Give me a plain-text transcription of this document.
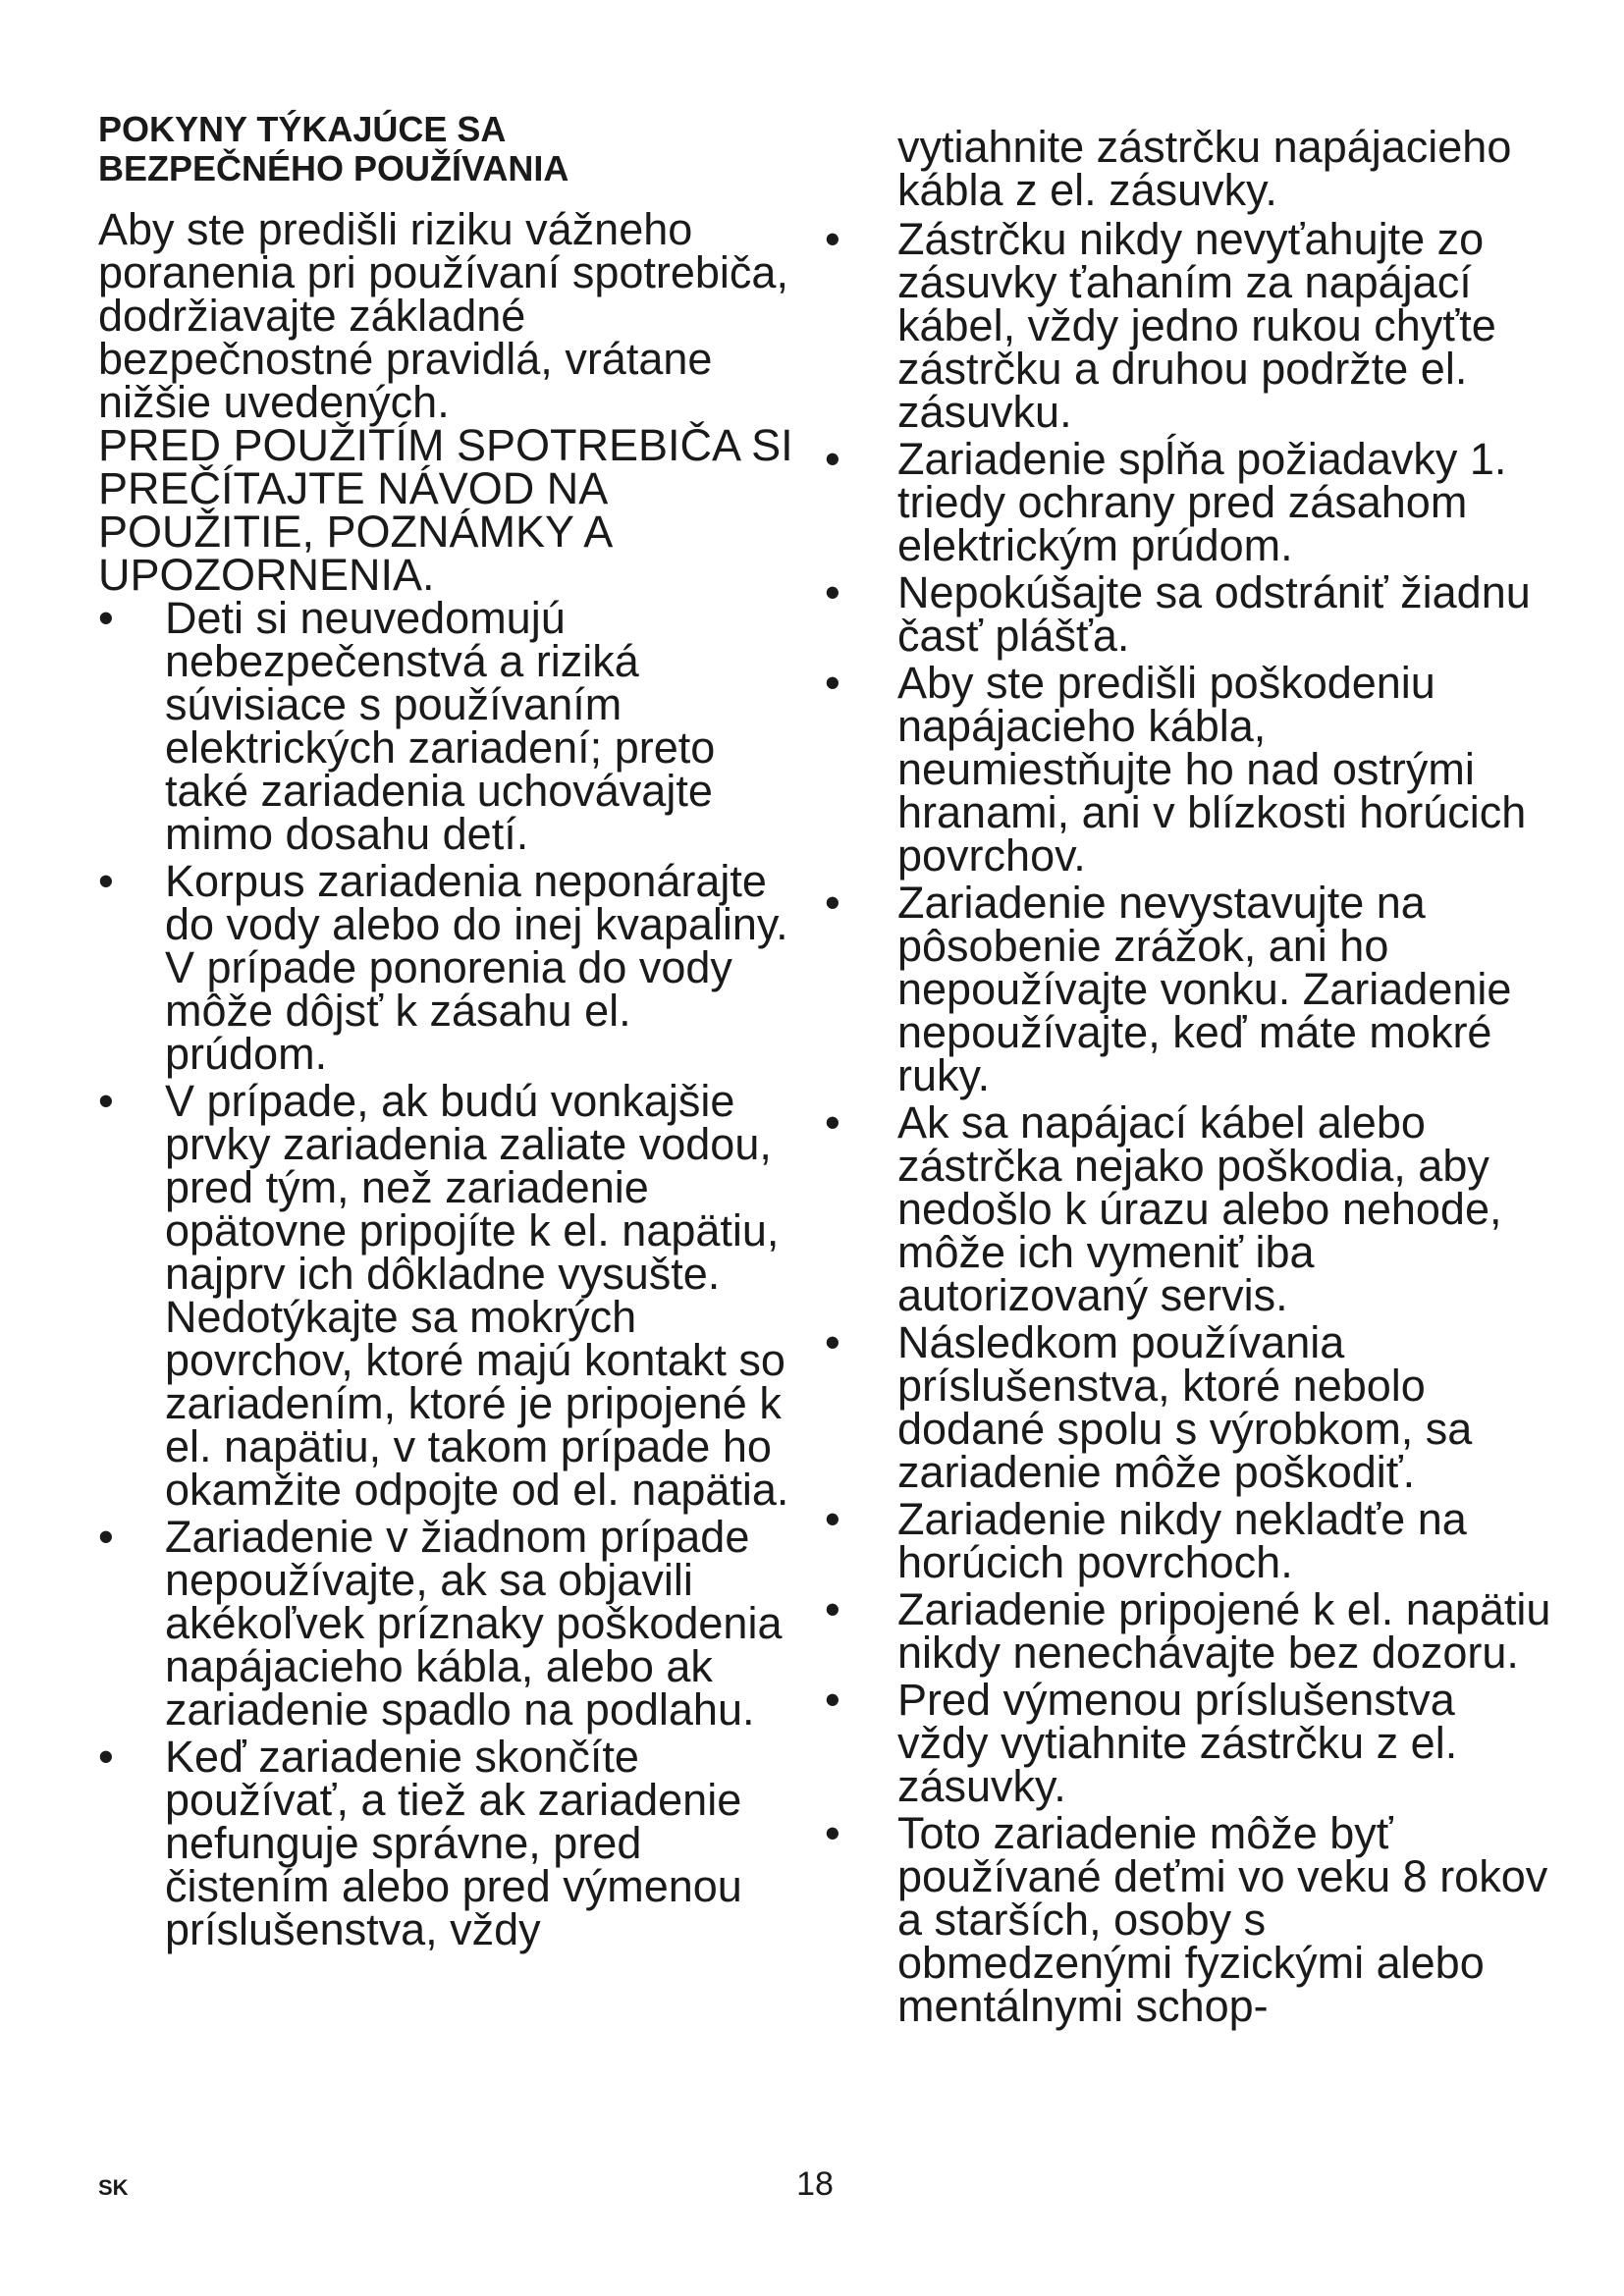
POKYNY TÝKAJÚCE SA BEZPEČNÉHO POUŽÍVANIA

Aby ste predišli riziku vážneho poranenia pri používaní spotrebiča, dodržiavajte základné bezpečnostné pravidlá, vrátane nižšie uvedených.

PRED POUŽITÍM SPOTREBIČA SI PREČÍTAJTE NÁVOD NA POUŽITIE, POZNÁMKY A UPOZORNENIA.

• Deti si neuvedomujú nebezpečenstvá a riziká súvisiace s používaním elektrických zariadení; preto také zariadenia uchovávajte mimo dosahu detí.
• Korpus zariadenia neponárajte do vody alebo do inej kvapaliny. V prípade ponorenia do vody môže dôjsť k zásahu el. prúdom.
• V prípade, ak budú vonkajšie prvky zariadenia zaliate vodou, pred tým, než zariadenie opätovne pripojíte k el. napätiu, najprv ich dôkladne vysušte. Nedotýkajte sa mokrých povrchov, ktoré majú kontakt so zariadením, ktoré je pripojené k el. napätiu, v takom prípade ho okamžite odpojte od el. napätia.
• Zariadenie v žiadnom prípade nepoužívajte, ak sa objavili akékoľvek príznaky poškodenia napájacieho kábla, alebo ak zariadenie spadlo na podlahu.
• Keď zariadenie skončíte používať, a tiež ak zariadenie nefunguje správne, pred čistením alebo pred výmenou príslušenstva, vždy

vytiahnite zástrčku napájacieho kábla z el. zásuvky.

• Zástrčku nikdy nevyťahujte zo zásuvky ťahaním za napájací kábel, vždy jedno rukou chyťte zástrčku a druhou podržte el. zásuvku.
• Zariadenie spĺňa požiadavky 1. triedy ochrany pred zásahom elektrickým prúdom.
• Nepokúšajte sa odstrániť žiadnu časť plášťa.
• Aby ste predišli poškodeniu napájacieho kábla, neumiestňujte ho nad ostrými hranami, ani v blízkosti horúcich povrchov.
• Zariadenie nevystavujte na pôsobenie zrážok, ani ho nepoužívajte vonku. Zariadenie nepoužívajte, keď máte mokré ruky.
• Ak sa napájací kábel alebo zástrčka nejako poškodia, aby nedošlo k úrazu alebo nehode, môže ich vymeniť iba autorizovaný servis.
• Následkom používania príslušenstva, ktoré nebolo dodané spolu s výrobkom, sa zariadenie môže poškodiť.
• Zariadenie nikdy nekladťe na horúcich povrchoch.
• Zariadenie pripojené k el. napätiu nikdy nenechávajte bez dozoru.
• Pred výmenou príslušenstva vždy vytiahnite zástrčku z el. zásuvky.
• Toto zariadenie môže byť používané deťmi vo veku 8 rokov a starších, osoby s obmedzenými fyzickými alebo mentálnymi schop-
SK	18
